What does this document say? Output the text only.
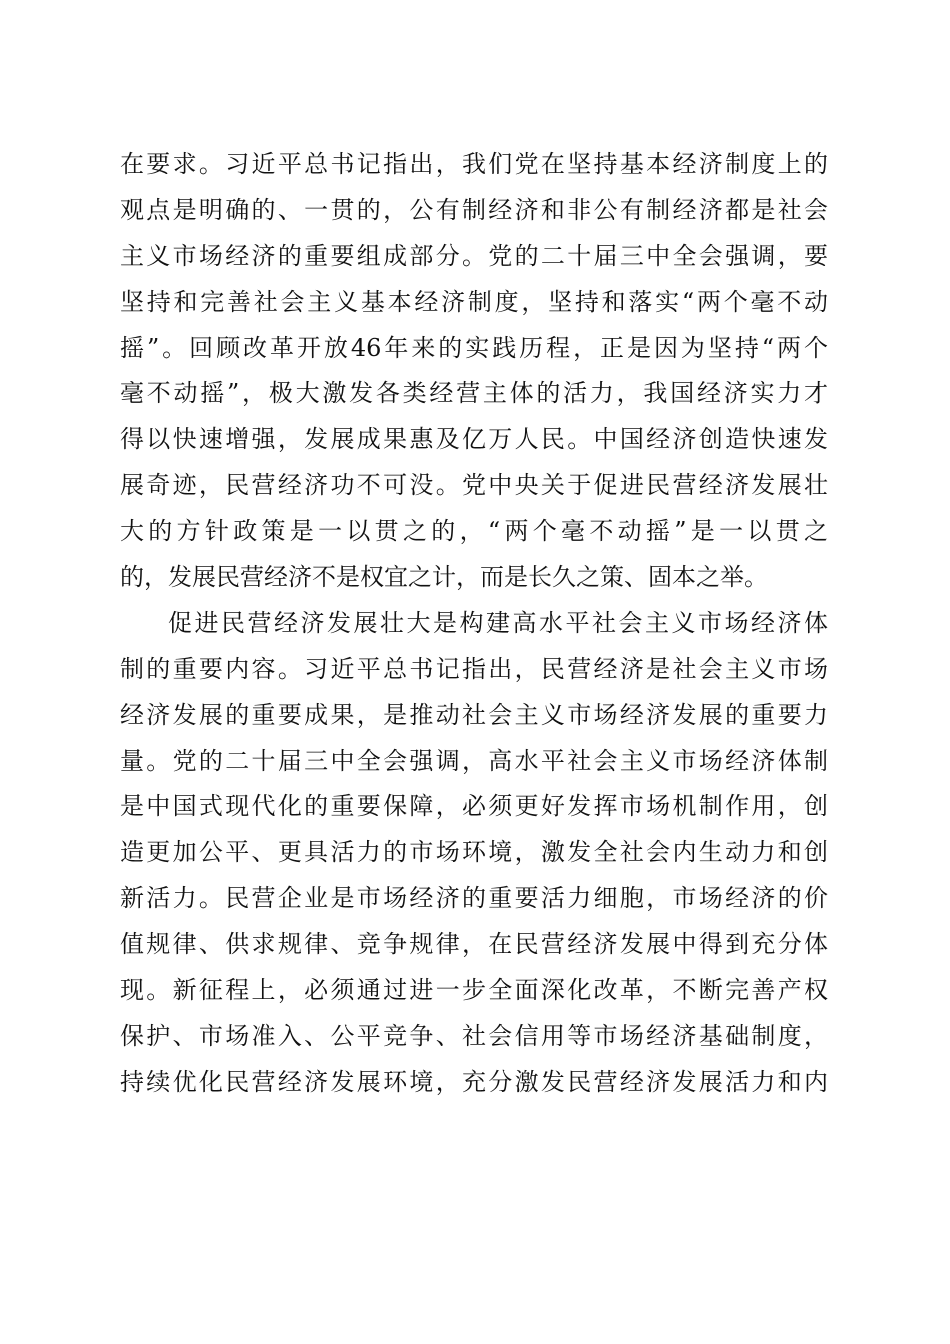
在要求。习近平总书记指出，我们党在坚持基本经济制度上的
观点是明确的、一贯的，公有制经济和非公有制经济都是社会
主义市场经济的重要组成部分。党的二十届三中全会强调，要
坚持和完善社会主义基本经济制度，坚持和落实“两个毫不动
摇”。回顾改革开放46年来的实践历程，正是因为坚持“两个
毫不动摇”，极大激发各类经营主体的活力，我国经济实力才
得以快速增强，发展成果惠及亿万人民。中国经济创造快速发
展奇迹，民营经济功不可没。党中央关于促进民营经济发展壮
大的方针政策是一以贯之的，“两个毫不动摇”是一以贯之
的，发展民营经济不是权宜之计，而是长久之策、固本之举。
促进民营经济发展壮大是构建高水平社会主义市场经济体
制的重要内容。习近平总书记指出，民营经济是社会主义市场
经济发展的重要成果，是推动社会主义市场经济发展的重要力
量。党的二十届三中全会强调，高水平社会主义市场经济体制
是中国式现代化的重要保障，必须更好发挥市场机制作用，创
造更加公平、更具活力的市场环境，激发全社会内生动力和创
新活力。民营企业是市场经济的重要活力细胞，市场经济的价
值规律、供求规律、竞争规律，在民营经济发展中得到充分体
现。新征程上，必须通过进一步全面深化改革，不断完善产权
保护、市场准入、公平竞争、社会信用等市场经济基础制度，
持续优化民营经济发展环境，充分激发民营经济发展活力和内
